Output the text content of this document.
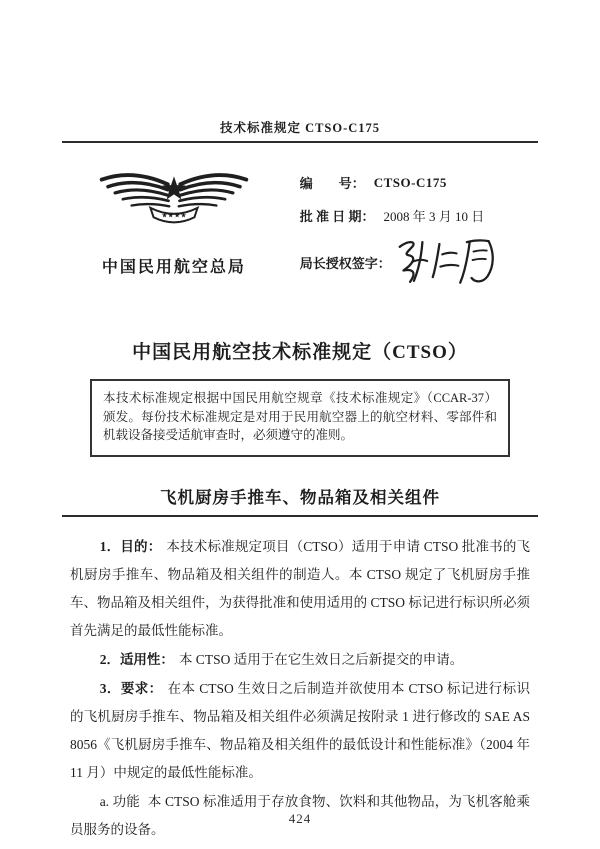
技术标准规定 CTSO-C175
★★★★
中国民用航空总局
编　　号： CTSO-C175
批 准 日 期： 2008 年 3 月 10 日
局长授权签字：
中国民用航空技术标准规定（CTSO）
本技术标准规定根据中国民用航空规章《技术标准规定》（CCAR-37）颁发。每份技术标准规定是对用于民用航空器上的航空材料、零部件和机载设备接受适航审查时，必须遵守的准则。
飞机厨房手推车、物品箱及相关组件

1．目的： 本技术标准规定项目（CTSO）适用于申请 CTSO 批准书的飞机厨房手推车、物品箱及相关组件的制造人。本 CTSO 规定了飞机厨房手推车、物品箱及相关组件，为获得批准和使用适用的 CTSO 标记进行标识所必须首先满足的最低性能标准。

2．适用性： 本 CTSO 适用于在它生效日之后新提交的申请。

3．要求： 在本 CTSO 生效日之后制造并欲使用本 CTSO 标记进行标识的飞机厨房手推车、物品箱及相关组件必须满足按附录 1 进行修改的 SAE AS 8056《飞机厨房手推车、物品箱及相关组件的最低设计和性能标准》（2004 年 11 月）中规定的最低性能标准。

a. 功能 本 CTSO 标准适用于存放食物、饮料和其他物品，为飞机客舱乘员服务的设备。

424
